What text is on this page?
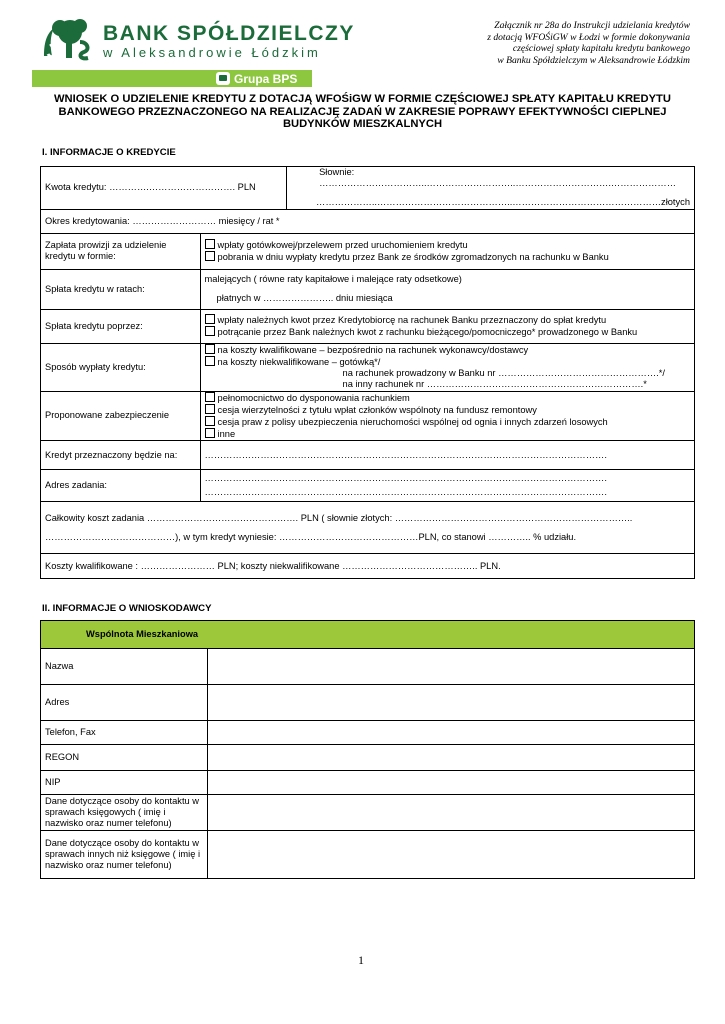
BANK SPÓŁDZIELCZY
w Aleksandrowie Łódzkim
Grupa BPS
Załącznik nr 28a do Instrukcji udzielania kredytów
z dotacją WFOŚiGW w Łodzi w formie dokonywania
częściowej spłaty kapitału kredytu bankowego
w Banku Spółdzielczym w Aleksandrowie Łódzkim
WNIOSEK O UDZIELENIE KREDYTU Z DOTACJĄ WFOŚiGW W FORMIE CZĘŚCIOWEJ SPŁATY KAPITAŁU KREDYTU
BANKOWEGO PRZEZNACZONEGO NA REALIZACJĘ ZADAŃ W ZAKRESIE POPRAWY EFEKTYWNOŚCI CIEPLNEJ
BUDYNKÓW MIESZKALNYCH
I. INFORMACJE O KREDYCIE
Kwota kredytu: ………….………………………. PLN		Słownie: ……………………………..………………………..………………………….…………………
………………..……………………………………..…………………………………………złotych

Okres kredytowania: ……………………… miesięcy / rat *		
Zapłata prowizji za udzielenie kredytu w formie:	wpłaty gotówkowej/przelewem przed uruchomieniem kredytu
pobrania w dniu wypłaty kredytu przez Bank ze środków zgromadzonych na rachunku w Banku	

Spłata kredytu w ratach:	malejących ( równe raty kapitałowe i malejące raty odsetkowe)
płatnych w ………………….. dniu miesiąca	

Spłata kredytu poprzez:	wpłaty należnych kwot przez Kredytobiorcę na rachunek Banku przeznaczony do spłat kredytu
potrącanie przez Bank należnych kwot z rachunku bieżącego/pomocniczego* prowadzonego w Banku	

Sposób wypłaty kredytu:	na koszty kwalifikowane – bezpośrednio na rachunek wykonawcy/dostawcy
na koszty niekwalifikowane – gotówką*/
na rachunek prowadzony w Banku nr …………………………………………….*/
na inny rachunek nr …………………………………………………………….*	

Proponowane zabezpieczenie	pełnomocnictwo do dysponowania rachunkiem
cesja wierzytelności z tytułu wpłat członków wspólnoty na fundusz remontowy
cesja praw z polisy ubezpieczenia nieruchomości wspólnej od ognia i innych zdarzeń losowych
inne	

Kredyt przeznaczony będzie na:	………………………………………………………………………………………………………………….	
Adres zadania:	………………………………………………………………………………………………………………….
………………………………………………………………………………………………………………….	

Całkowity koszt zadania …………………………………………. PLN ( słownie złotych: …………………………………………………………………..
……………………………………), w tym kredyt wyniesie: ………………………………………PLN, co stanowi ………….. % udziału.		

Koszty kwalifikowane : …………………… PLN; koszty niekwalifikowane …………………………………….. PLN.		
II. INFORMACJE O WNIOSKODAWCY
Wspólnota Mieszkaniowa	
Nazwa	
Adres	
Telefon, Fax	
REGON	
NIP	
Dane dotyczące osoby do kontaktu w sprawach księgowych ( imię i nazwisko oraz numer telefonu)	
Dane dotyczące osoby do kontaktu w sprawach innych niż księgowe ( imię i nazwisko oraz numer telefonu)	
1
